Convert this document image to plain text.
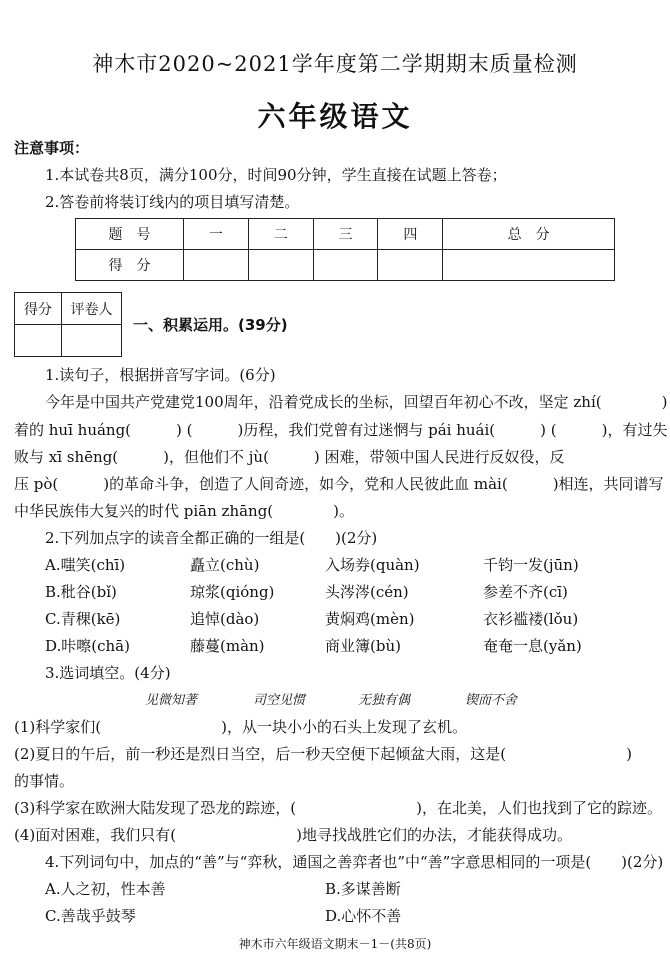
神木市2020~2021学年度第二学期期末质量检测
六年级语文
注意事项：
1.本试卷共8页，满分100分，时间90分钟，学生直接在试题上答卷；
2.答卷前将装订线内的项目填写清楚。
题　号	一	二	三	四	总　分
得　分					
得分	评卷人

一、积累运用。(39分)
1.读句子，根据拼音写字词。(6分)
今年是中国共产党建党100周年，沿着党成长的坐标，回望百年初心不改，坚定 zhí(　　　　)
着的 huī huáng(　　　) (　　　)历程，我们党曾有过迷惘与 pái huái(　　　) (　　　)，有过失
败与 xī shēng(　　　)，但他们不 jù(　　　) 困难，带领中国人民进行反奴役，反
压 pò(　　　)的革命斗争，创造了人间奇迹，如今，党和人民彼此血 mài(　　　)相连，共同谱写
中华民族伟大复兴的时代 piān zhāng(　　　　)。
2.下列加点字的读音全都正确的一组是(　　)(2分)
A.嗤笑(chī)	矗立(chù)	入场券(quàn)	千钧一发(jūn)
B.秕谷(bǐ)	琼浆(qióng)	头涔涔(cén)	参差不齐(cī)
C.青稞(kē)	追悼(dào)	黄焖鸡(mèn)	衣衫褴褛(lǒu)
D.咔嚓(chā)	藤蔓(màn)	商业簿(bù)	奄奄一息(yǎn)
3.选词填空。(4分)
见微知著	司空见惯	无独有偶	锲而不舍
(1)科学家们(　　　　　　　　)，从一块小小的石头上发现了玄机。
(2)夏日的午后，前一秒还是烈日当空，后一秒天空便下起倾盆大雨，这是(　　　　　　　　)
的事情。
(3)科学家在欧洲大陆发现了恐龙的踪迹，(　　　　　　　　)，在北美，人们也找到了它的踪迹。
(4)面对困难，我们只有(　　　　　　　　)地寻找战胜它们的办法，才能获得成功。
4.下列词句中，加点的“善”与“弈秋，通国之善弈者也”中“善”字意思相同的一项是(　　)(2分)
A.人之初，性本善	B.多谋善断
C.善哉乎鼓琴	D.心怀不善
神木市六年级语文期末－1－(共8页)
